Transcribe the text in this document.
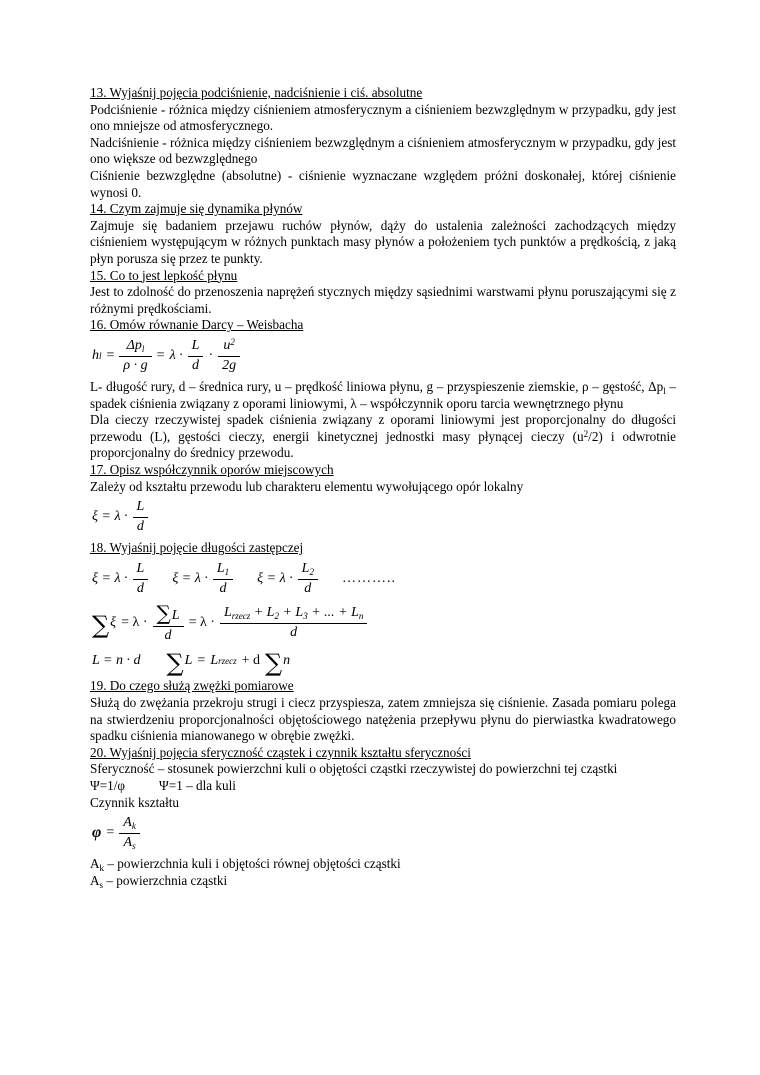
13. Wyjaśnij pojęcia podciśnienie, nadciśnienie i ciś. absolutne

Podciśnienie - różnica między ciśnieniem atmosferycznym a ciśnieniem bezwzględnym w przypadku, gdy jest ono mniejsze od atmosferycznego.

Nadciśnienie - różnica między ciśnieniem bezwzględnym a ciśnieniem atmosferycznym w przypadku, gdy jest ono większe od bezwzględnego

Ciśnienie bezwzględne (absolutne) - ciśnienie wyznaczane względem próżni doskonałej, której ciśnienie wynosi 0.

14. Czym zajmuje się dynamika płynów

Zajmuje się badaniem przejawu ruchów płynów, dąży do ustalenia zależności zachodzących między ciśnieniem występującym w różnych punktach masy płynów a położeniem tych punktów a prędkością, z jaką płyn porusza się przez te punkty.

15. Co to jest lepkość płynu

Jest to zdolność do przenoszenia naprężeń stycznych między sąsiednimi warstwami płynu poruszającymi się z różnymi prędkościami.

16. Omów równanie Darcy – Weisbacha
h $l = \frac{\Delta p_l}{\rho \cdot g} = \lambda \cdot \frac{L}{d} \cdot \frac{u^2}{2g}$

L- długość rury, d – średnica rury, u – prędkość liniowa płynu, g – przyspieszenie ziemskie, ρ – gęstość, $\Delta p_l$ – spadek ciśnienia związany z oporami liniowymi, λ – współczynnik oporu tarcia wewnętrznego płynu

Dla cieczy rzeczywistej spadek ciśnienia związany z oporami liniowymi jest proporcjonalny do długości przewodu (L), gęstości cieczy, energii kinetycznej jednostki masy płynącej cieczy $(u^2/2)$ i odwrotnie proporcjonalny do średnicy przewodu.

17. Opisz współczynnik oporów miejscowych

Zależy od kształtu przewodu lub charakteru elementu wywołującego opór lokalny

$\xi = \lambda \cdot \frac{L}{d}$
18. Wyjaśnij pojęcie długości zastępczej
$\xi = \lambda \cdot \frac{L}{d}$ $\xi = \lambda \cdot \frac{L_1}{d}$ $\xi = \lambda \cdot \frac{L_2}{d}$ ………..
∑ $\xi = \lambda \cdot \frac{\sum L}{d} = \lambda \cdot \frac{L_{rzecz} + L_2 + L_3 + ... + L_n}{d}$
L = n · d ∑ L = L rzecz + d ∑ n
19. Do czego służą zwężki pomiarowe

Służą do zwężania przekroju strugi i ciecz przyspiesza, zatem zmniejsza się ciśnienie. Zasada pomiaru polega na stwierdzeniu proporcjonalności objętościowego natężenia przepływu płynu do pierwiastka kwadratowego spadku ciśnienia mianowanego w obrębie zwężki.

20. Wyjaśnij pojęcia sferyczność cząstek i czynnik kształtu sferyczności

Sferyczność – stosunek powierzchni kuli o objętości cząstki rzeczywistej do powierzchni tej cząstki

Ψ=1/φ	Ψ=1 – dla kuli

Czynnik kształtu

$\varphi = \frac{A_k}{A_s}$

$A_k$ – powierzchnia kuli i objętości równej objętości cząstki

$A_s$ – powierzchnia cząstki
